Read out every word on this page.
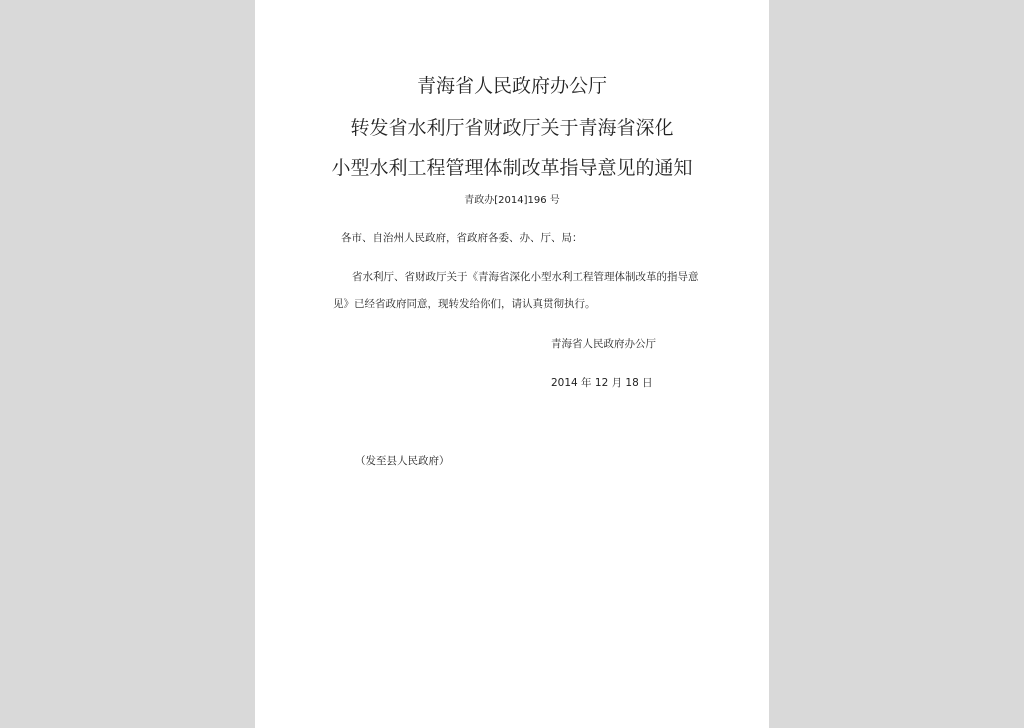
青海省人民政府办公厅
转发省水利厅省财政厅关于青海省深化
小型水利工程管理体制改革指导意见的通知
青政办[2014]196 号
各市、自治州人民政府，省政府各委、办、厅、局：
省水利厅、省财政厅关于《青海省深化小型水利工程管理体制改革的指导意
见》已经省政府同意，现转发给你们，请认真贯彻执行。
青海省人民政府办公厅
2014 年 12 月 18 日
（发至县人民政府）
